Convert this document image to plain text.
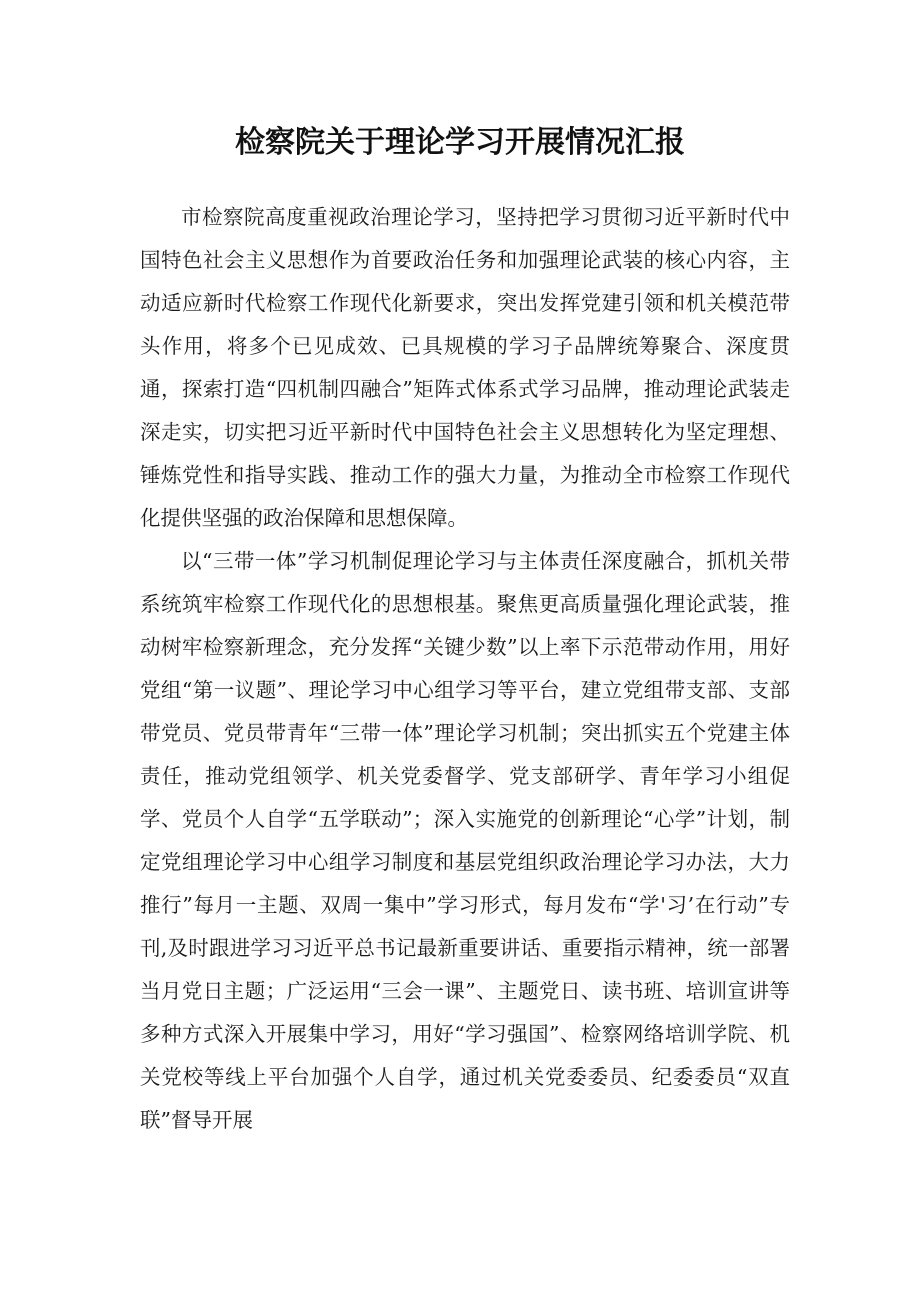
检察院关于理论学习开展情况汇报

市检察院高度重视政治理论学习，坚持把学习贯彻习近平新时代中国特色社会主义思想作为首要政治任务和加强理论武装的核心内容，主动适应新时代检察工作现代化新要求，突出发挥党建引领和机关模范带头作用，将多个已见成效、已具规模的学习子品牌统筹聚合、深度贯通，探索打造“四机制四融合”矩阵式体系式学习品牌，推动理论武装走深走实，切实把习近平新时代中国特色社会主义思想转化为坚定理想、锤炼党性和指导实践、推动工作的强大力量，为推动全市检察工作现代化提供坚强的政治保障和思想保障。

以“三带一体”学习机制促理论学习与主体责任深度融合，抓机关带系统筑牢检察工作现代化的思想根基。聚焦更高质量强化理论武装，推动树牢检察新理念，充分发挥“关键少数”以上率下示范带动作用，用好党组“第一议题”、理论学习中心组学习等平台，建立党组带支部、支部带党员、党员带青年“三带一体”理论学习机制；突出抓实五个党建主体责任，推动党组领学、机关党委督学、党支部研学、青年学习小组促学、党员个人自学“五学联动”；深入实施党的创新理论“心学”计划，制定党组理论学习中心组学习制度和基层党组织政治理论学习办法，大力推行”每月一主题、双周一集中”学习形式，每月发布“学'习’在行动”专刊,及时跟进学习习近平总书记最新重要讲话、重要指示精神，统一部署当月党日主题；广泛运用“三会一课”、主题党日、读书班、培训宣讲等多种方式深入开展集中学习，用好“学习强国”、检察网络培训学院、机关党校等线上平台加强个人自学，通过机关党委委员、纪委委员“双直联”督导开展
